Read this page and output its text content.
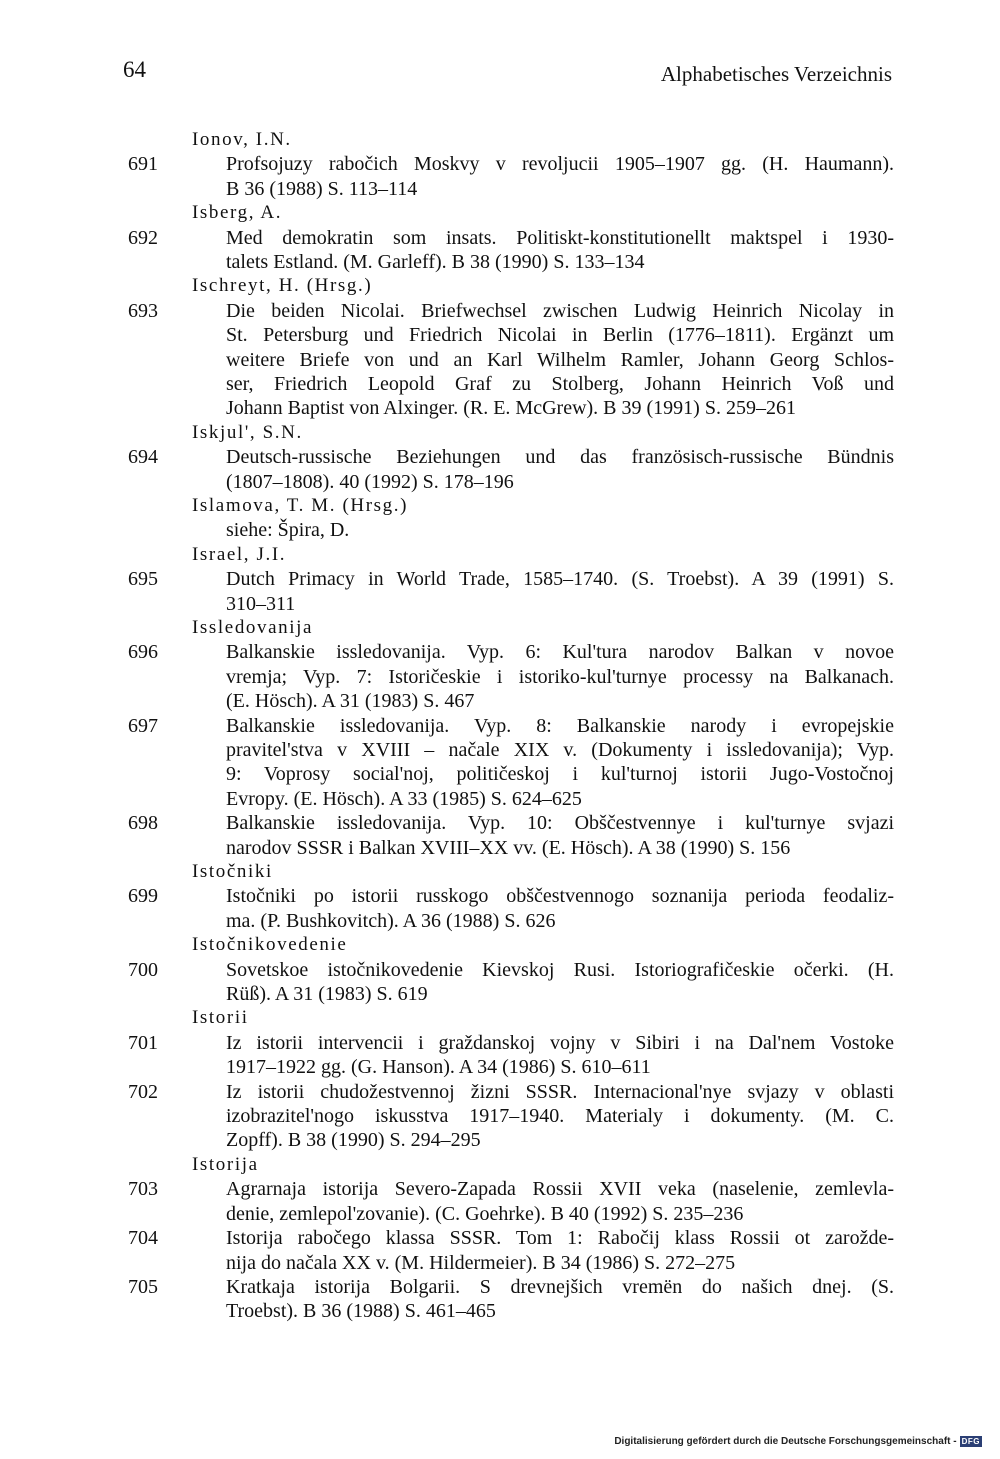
64	Alphabetisches Verzeichnis
Ionov, I.N.
691	Profsojuzy rabočich Moskvy v revoljucii 1905–1907 gg. (H. Haumann).
B 36 (1988) S. 113–114
Isberg, A.
692	Med demokratin som insats. Politiskt-konstitutionellt maktspel i 1930-
talets Estland. (M. Garleff). B 38 (1990) S. 133–134
Ischreyt, H. (Hrsg.)
693	Die beiden Nicolai. Briefwechsel zwischen Ludwig Heinrich Nicolay in
St. Petersburg und Friedrich Nicolai in Berlin (1776–1811). Ergänzt um
weitere Briefe von und an Karl Wilhelm Ramler, Johann Georg Schlos-
ser, Friedrich Leopold Graf zu Stolberg, Johann Heinrich Voß und
Johann Baptist von Alxinger. (R. E. McGrew). B 39 (1991) S. 259–261
Iskjul', S.N.
694	Deutsch-russische Beziehungen und das französisch-russische Bündnis
(1807–1808). 40 (1992) S. 178–196
Islamova, T. M. (Hrsg.)
siehe: Špira, D.
Israel, J.I.
695	Dutch Primacy in World Trade, 1585–1740. (S. Troebst). A 39 (1991) S.
310–311
Issledovanija
696	Balkanskie issledovanija. Vyp. 6: Kul'tura narodov Balkan v novoe
vremja; Vyp. 7: Istoričeskie i istoriko-kul'turnye processy na Balkanach.
(E. Hösch). A 31 (1983) S. 467
697	Balkanskie issledovanija. Vyp. 8: Balkanskie narody i evropejskie
pravitel'stva v XVIII – načale XIX v. (Dokumenty i issledovanija); Vyp.
9: Voprosy social'noj, političeskoj i kul'turnoj istorii Jugo-Vostočnoj
Evropy. (E. Hösch). A 33 (1985) S. 624–625
698	Balkanskie issledovanija. Vyp. 10: Obščestvennye i kul'turnye svjazi
narodov SSSR i Balkan XVIII–XX vv. (E. Hösch). A 38 (1990) S. 156
Istočniki
699	Istočniki po istorii russkogo obščestvennogo soznanija perioda feodaliz-
ma. (P. Bushkovitch). A 36 (1988) S. 626
Istočnikovedenie
700	Sovetskoe istočnikovedenie Kievskoj Rusi. Istoriografičeskie očerki. (H.
Rüß). A 31 (1983) S. 619
Istorii
701	Iz istorii intervencii i graždanskoj vojny v Sibiri i na Dal'nem Vostoke
1917–1922 gg. (G. Hanson). A 34 (1986) S. 610–611
702	Iz istorii chudožestvennoj žizni SSSR. Internacional'nye svjazy v oblasti
izobrazitel'nogo iskusstva 1917–1940. Materialy i dokumenty. (M. C.
Zopff). B 38 (1990) S. 294–295
Istorija
703	Agrarnaja istorija Severo-Zapada Rossii XVII veka (naselenie, zemlevla-
denie, zemlepol'zovanie). (C. Goehrke). B 40 (1992) S. 235–236
704	Istorija rabočego klassa SSSR. Tom 1: Rabočij klass Rossii ot zarožde-
nija do načala XX v. (M. Hildermeier). B 34 (1986) S. 272–275
705	Kratkaja istorija Bolgarii. S drevnejšich vremën do našich dnej. (S.
Troebst). B 36 (1988) S. 461–465
Digitalisierung gefördert durch die Deutsche Forschungsgemeinschaft - DFG
